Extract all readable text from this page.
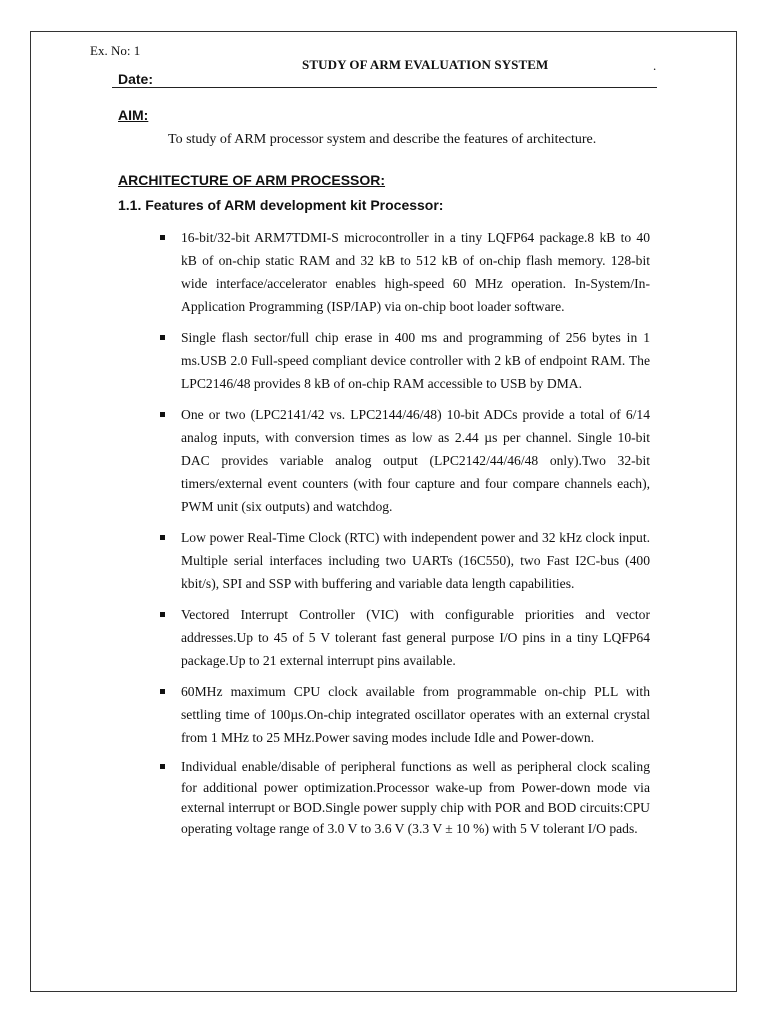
Ex. No: 1
STUDY OF ARM EVALUATION SYSTEM	.
Date:
AIM:
To study of ARM processor system and describe the features of architecture.
ARCHITECTURE OF ARM PROCESSOR:
1.1. Features of ARM development kit Processor:
16-bit/32-bit ARM7TDMI-S microcontroller in a tiny LQFP64 package.8 kB to 40 kB of on-chip static RAM and 32 kB to 512 kB of on-chip flash memory. 128-bit wide interface/accelerator enables high-speed 60 MHz operation. In-System/In-Application Programming (ISP/IAP) via on-chip boot loader software.
Single flash sector/full chip erase in 400 ms and programming of 256 bytes in 1 ms.USB 2.0 Full-speed compliant device controller with 2 kB of endpoint RAM. The LPC2146/48 provides 8 kB of on-chip RAM accessible to USB by DMA.
One or two (LPC2141/42 vs. LPC2144/46/48) 10-bit ADCs provide a total of 6/14 analog inputs, with conversion times as low as 2.44 µs per channel. Single 10-bit DAC provides variable analog output (LPC2142/44/46/48 only).Two 32-bit timers/external event counters (with four capture and four compare channels each), PWM unit (six outputs) and watchdog.
Low power Real-Time Clock (RTC) with independent power and 32 kHz clock input. Multiple serial interfaces including two UARTs (16C550), two Fast I2C-bus (400 kbit/s), SPI and SSP with buffering and variable data length capabilities.
Vectored Interrupt Controller (VIC) with configurable priorities and vector addresses.Up to 45 of 5 V tolerant fast general purpose I/O pins in a tiny LQFP64 package.Up to 21 external interrupt pins available.
60MHz maximum CPU clock available from programmable on-chip PLL with settling time of 100µs.On-chip integrated oscillator operates with an external crystal from 1 MHz to 25 MHz.Power saving modes include Idle and Power-down.
Individual enable/disable of peripheral functions as well as peripheral clock scaling for additional power optimization.Processor wake-up from Power-down mode via external interrupt or BOD.Single power supply chip with POR and BOD circuits:CPU operating voltage range of 3.0 V to 3.6 V (3.3 V ± 10 %) with 5 V tolerant I/O pads.
